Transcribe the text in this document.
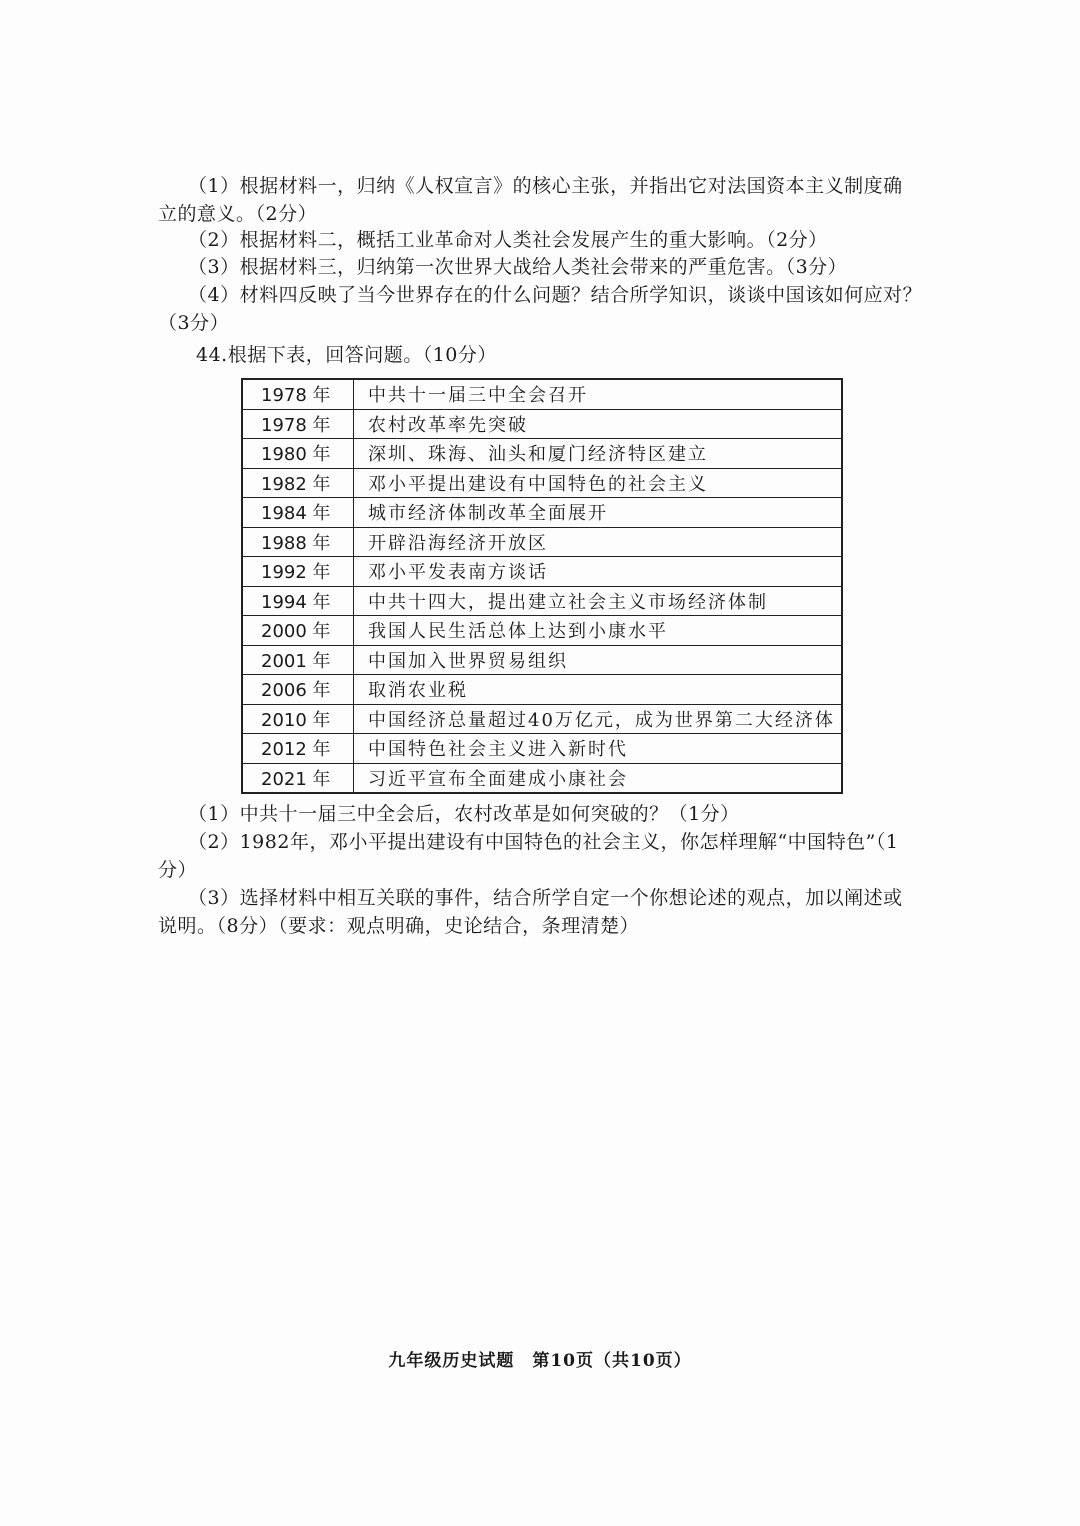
（1）根据材料一，归纳《人权宣言》的核心主张，并指出它对法国资本主义制度确
立的意义。（2分）
（2）根据材料二，概括工业革命对人类社会发展产生的重大影响。（2分）
（3）根据材料三，归纳第一次世界大战给人类社会带来的严重危害。（3分）
（4）材料四反映了当今世界存在的什么问题？结合所学知识，谈谈中国该如何应对？
（3分）
44.根据下表，回答问题。（10分）
1978 年	中共十一届三中全会召开
1978 年	农村改革率先突破
1980 年	深圳、珠海、汕头和厦门经济特区建立
1982 年	邓小平提出建设有中国特色的社会主义
1984 年	城市经济体制改革全面展开
1988 年	开辟沿海经济开放区
1992 年	邓小平发表南方谈话
1994 年	中共十四大，提出建立社会主义市场经济体制
2000 年	我国人民生活总体上达到小康水平
2001 年	中国加入世界贸易组织
2006 年	取消农业税
2010 年	中国经济总量超过40万亿元，成为世界第二大经济体
2012 年	中国特色社会主义进入新时代
2021 年	习近平宣布全面建成小康社会
（1）中共十一届三中全会后，农村改革是如何突破的？（1分）
（2）1982年，邓小平提出建设有中国特色的社会主义，你怎样理解“中国特色”（1
分）
（3）选择材料中相互关联的事件，结合所学自定一个你想论述的观点，加以阐述或
说明。（8分）（要求：观点明确，史论结合，条理清楚）
九年级历史试题　第10页（共10页）
